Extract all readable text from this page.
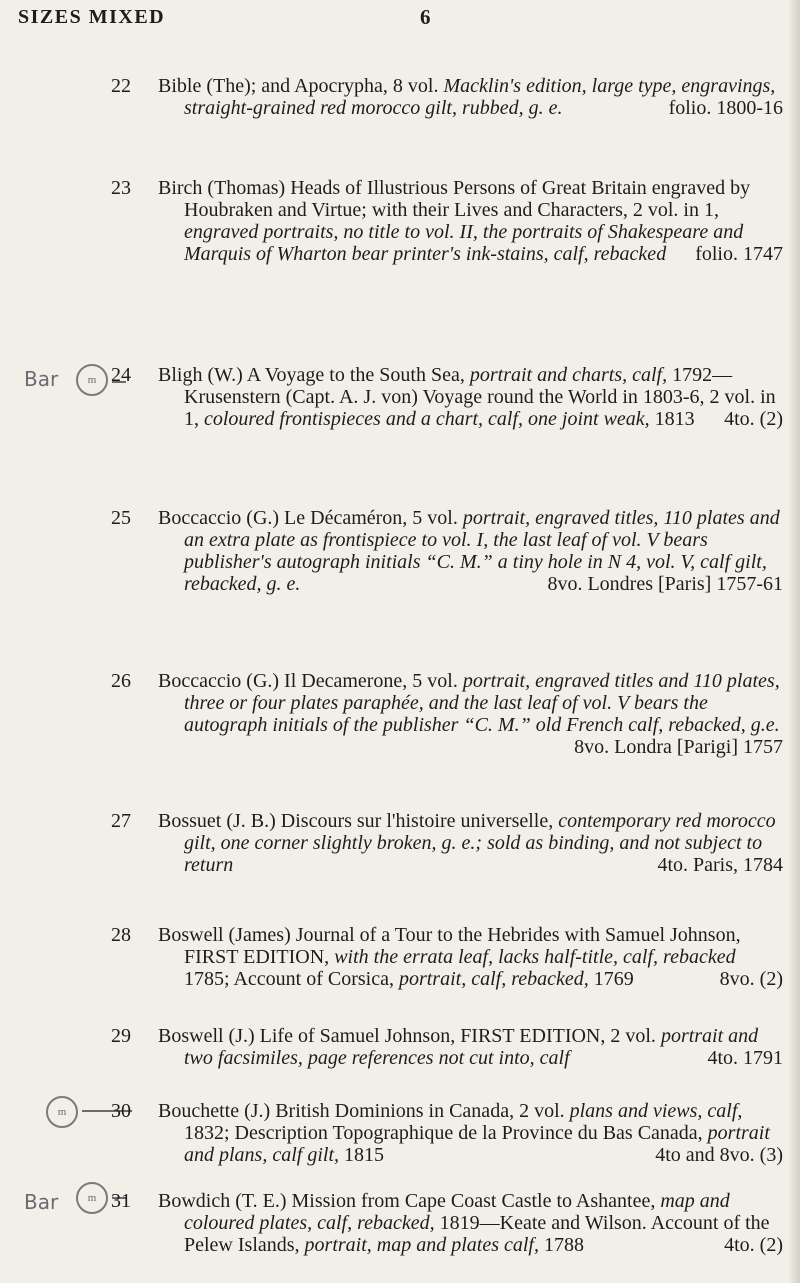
SIZES MIXED	6
Bar	m
m
Bar	m
22 Bible (The); and Apocrypha, 8 vol. Macklin's edition, large type, engravings, straight-grained red morocco gilt, rubbed, g. e.	folio. 1800-16
23 Birch (Thomas) Heads of Illustrious Persons of Great Britain engraved by Houbraken and Virtue; with their Lives and Characters, 2 vol. in 1, engraved portraits, no title to vol. II, the portraits of Shakespeare and Marquis of Wharton bear printer's ink-stains, calf, rebacked folio. 1747
24 Bligh (W.) A Voyage to the South Sea, portrait and charts, calf, 1792—Krusenstern (Capt. A. J. von) Voyage round the World in 1803-6, 2 vol. in 1, coloured frontispieces and a chart, calf, one joint weak, 1813 4to. (2)
25 Boccaccio (G.) Le Décaméron, 5 vol. portrait, engraved titles, 110 plates and an extra plate as frontispiece to vol. I, the last leaf of vol. V bears publisher's autograph initials “C. M.” a tiny hole in N 4, vol. V, calf gilt, rebacked, g. e.	8vo. Londres [Paris] 1757-61
26 Boccaccio (G.) Il Decamerone, 5 vol. portrait, engraved titles and 110 plates, three or four plates paraphée, and the last leaf of vol. V bears the autograph initials of the publisher “C. M.” old French calf, rebacked, g.e.
8vo. Londra [Parigi] 1757
27 Bossuet (J. B.) Discours sur l'histoire universelle, contemporary red morocco gilt, one corner slightly broken, g. e.; sold as binding, and not subject to return	4to. Paris, 1784
28 Boswell (James) Journal of a Tour to the Hebrides with Samuel Johnson, FIRST EDITION, with the errata leaf, lacks half-title, calf, rebacked 1785; Account of Corsica, portrait, calf, rebacked, 1769	8vo. (2)
29 Boswell (J.) Life of Samuel Johnson, FIRST EDITION, 2 vol. portrait and two facsimiles, page references not cut into, calf	4to. 1791
30 Bouchette (J.) British Dominions in Canada, 2 vol. plans and views, calf, 1832; Description Topographique de la Province du Bas Canada, portrait and plans, calf gilt, 1815	4to and 8vo. (3)
31 Bowdich (T. E.) Mission from Cape Coast Castle to Ashantee, map and coloured plates, calf, rebacked, 1819—Keate and Wilson. Account of the Pelew Islands, portrait, map and plates calf, 1788	4to. (2)
